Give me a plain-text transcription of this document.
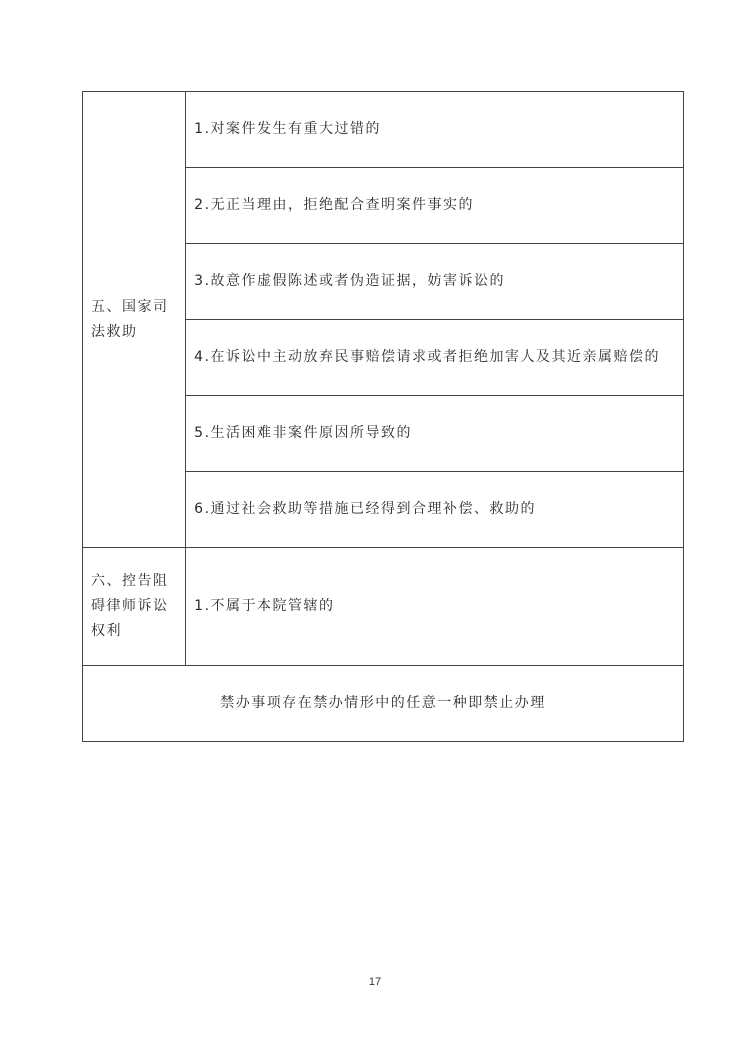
五、国家司法救助	1.对案件发生有重大过错的
	2.无正当理由，拒绝配合查明案件事实的
	3.故意作虚假陈述或者伪造证据，妨害诉讼的
	4.在诉讼中主动放弃民事赔偿请求或者拒绝加害人及其近亲属赔偿的
	5.生活困难非案件原因所导致的
	6.通过社会救助等措施已经得到合理补偿、救助的

六、控告阻碍律师诉讼权利	1.不属于本院管辖的
禁办事项存在禁办情形中的任意一种即禁止办理	
17
